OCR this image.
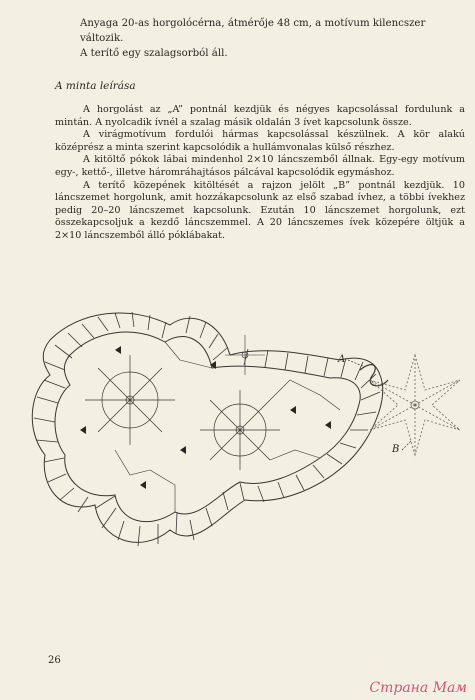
Anyaga 20-as horgolócérna, átmérője 48 cm, a motívum kilencszer változik.

A terítő egy szalagsorból áll.

A minta leírása

A horgolást az „A” pontnál kezdjük és négyes kapcsolással fordulunk a mintán. A nyolcadik ívnél a szalag másik oldalán 3 ívet kapcsolunk össze.

A virágmotívum fordulói hármas kapcsolással készülnek. A kör alakú középrész a minta szerint kapcsolódik a hullámvonalas külső részhez.

A kitöltő pókok lábai mindenhol 2×10 láncszemből állnak. Egy-egy motívum egy-, kettő-, illetve háromráhajtásos pálcával kapcsolódik egymáshoz.

A terítő közepének kitöltését a rajzon jelölt „B” pontnál kezdjük. 10 láncszemet horgolunk, amit hozzákapcsolunk az első szabad ívhez, a többi ívekhez pedig 20–20 láncszemet kapcsolunk. Ezután 10 láncszemet horgolunk, ezt összekapcsoljuk a kezdő láncszemmel. A 20 láncszemes ívek közepére öltjük a 2×10 láncszemből álló póklábakat.

A
B
26
Страна Мам
